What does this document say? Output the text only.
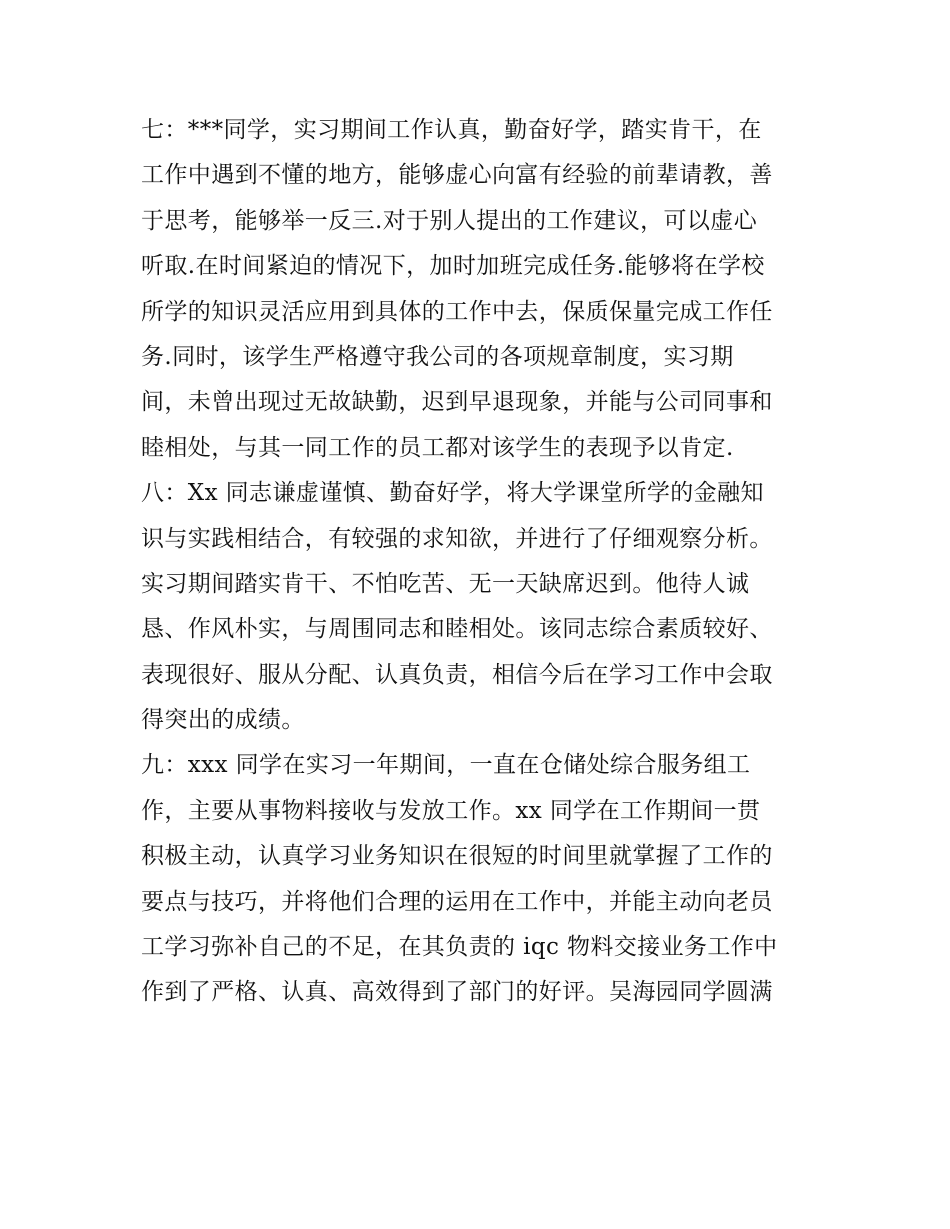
七：***同学，实习期间工作认真，勤奋好学，踏实肯干，在
工作中遇到不懂的地方，能够虚心向富有经验的前辈请教，善
于思考，能够举一反三.对于别人提出的工作建议，可以虚心
听取.在时间紧迫的情况下，加时加班完成任务.能够将在学校
所学的知识灵活应用到具体的工作中去，保质保量完成工作任
务.同时，该学生严格遵守我公司的各项规章制度，实习期
间，未曾出现过无故缺勤，迟到早退现象，并能与公司同事和
睦相处，与其一同工作的员工都对该学生的表现予以肯定.
八：Xx 同志谦虚谨慎、勤奋好学，将大学课堂所学的金融知
识与实践相结合，有较强的求知欲，并进行了仔细观察分析。
实习期间踏实肯干、不怕吃苦、无一天缺席迟到。他待人诚
恳、作风朴实，与周围同志和睦相处。该同志综合素质较好、
表现很好、服从分配、认真负责，相信今后在学习工作中会取
得突出的成绩。
九：xxx 同学在实习一年期间，一直在仓储处综合服务组工
作，主要从事物料接收与发放工作。xx 同学在工作期间一贯
积极主动，认真学习业务知识在很短的时间里就掌握了工作的
要点与技巧，并将他们合理的运用在工作中，并能主动向老员
工学习弥补自己的不足，在其负责的 iqc 物料交接业务工作中
作到了严格、认真、高效得到了部门的好评。吴海园同学圆满
